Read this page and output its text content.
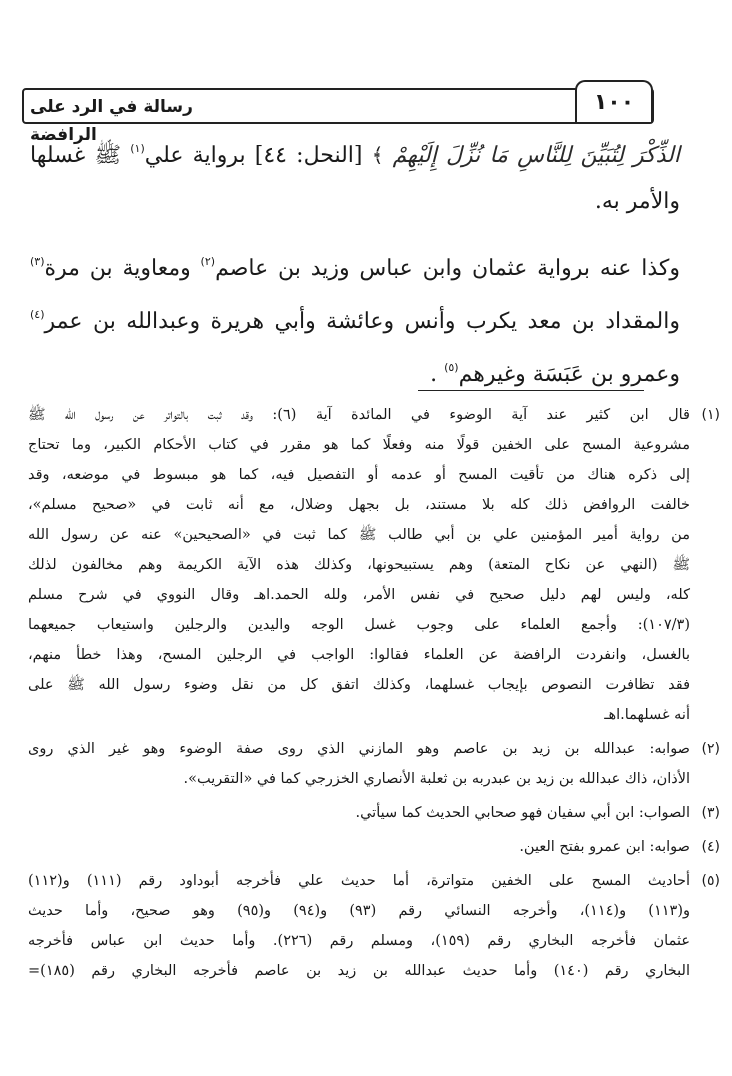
١٠٠
رسالة في الرد على الرافضة
الذِّكْرَ لِتُبَيِّنَ لِلنَّاسِ مَا نُزِّلَ إِلَيْهِمْ ﴾ [النحل: ٤٤] برواية علي$^{(١)}$ ﷺ غسلها
والأمر به.
وكذا عنه برواية عثمان وابن عباس وزيد بن عاصم$^{(٢)}$ ومعاوية بن مرة$^{(٣)}$
والمقداد بن معد يكرب وأنس وعائشة وأبي هريرة وعبدالله بن عمر$^{(٤)}$
وعمرو بن عَبَسَة وغيرهم$^{(٥)}$ .
(١)
قال ابن كثير عند آية الوضوء في المائدة آية (٦): وقد ثبت بالتواتر عن رسول الله ﷺ
مشروعية المسح على الخفين قولًا منه وفعلًا كما هو مقرر في كتاب الأحكام الكبير، وما تحتاج
إلى ذكره هناك من تأقيت المسح أو عدمه أو التفصيل فيه، كما هو مبسوط في موضعه، وقد
خالفت الروافض ذلك كله بلا مستند، بل بجهل وضلال، مع أنه ثابت في «صحيح مسلم»،
من رواية أمير المؤمنين علي بن أبي طالب ﷺ كما ثبت في «الصحيحين» عنه عن رسول الله
ﷺ (النهي عن نكاح المتعة) وهم يستبيحونها، وكذلك هذه الآية الكريمة وهم مخالفون لذلك
كله، وليس لهم دليل صحيح في نفس الأمر، ولله الحمد.اهـ وقال النووي في شرح مسلم
(١٠٧/٣): وأجمع العلماء على وجوب غسل الوجه واليدين والرجلين واستيعاب جميعهما
بالغسل، وانفردت الرافضة عن العلماء فقالوا: الواجب في الرجلين المسح، وهذا خطأ منهم،
فقد تظافرت النصوص بإيجاب غسلهما، وكذلك اتفق كل من نقل وضوء رسول الله ﷺ على
أنه غسلهما.اهـ
(٢)
صوابه: عبدالله بن زيد بن عاصم وهو المازني الذي روى صفة الوضوء وهو غير الذي روى
الأذان، ذاك عبدالله بن زيد بن عبدربه بن ثعلبة الأنصاري الخزرجي كما في «التقريب».
(٣)
الصواب: ابن أبي سفيان فهو صحابي الحديث كما سيأتي.
(٤)
صوابه: ابن عمرو بفتح العين.
(٥)
أحاديث المسح على الخفين متواترة، أما حديث علي فأخرجه أبوداود رقم (١١١) و(١١٢)
و(١١٣) و(١١٤)، وأخرجه النسائي رقم (٩٣) و(٩٤) و(٩٥) وهو صحيح، وأما حديث
عثمان فأخرجه البخاري رقم (١٥٩)، ومسلم رقم (٢٢٦). وأما حديث ابن عباس فأخرجه
البخاري رقم (١٤٠) وأما حديث عبدالله بن زيد بن عاصم فأخرجه البخاري رقم (١٨٥)=
